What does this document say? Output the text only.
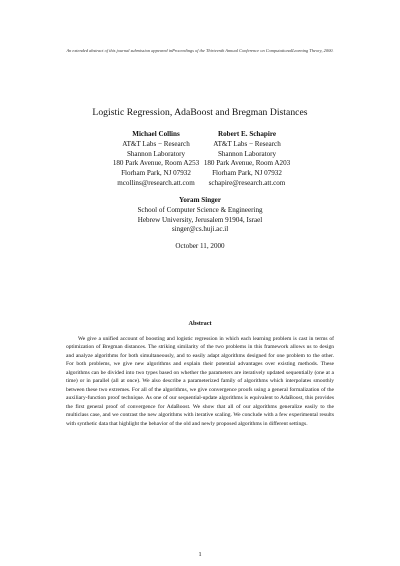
An extended abstract of this journal submission appeared inProceedings of the Thirteenth Annual Conference on ComputationalLearning Theory, 2000.
Logistic Regression, AdaBoost and Bregman Distances
Michael Collins
AT&T Labs − Research
Shannon Laboratory
180 Park Avenue, Room A253
Florham Park, NJ 07932
mcollins@research.att.com
Robert E. Schapire
AT&T Labs − Research
Shannon Laboratory
180 Park Avenue, Room A203
Florham Park, NJ 07932
schapire@research.att.com
Yoram Singer
School of Computer Science & Engineering
Hebrew University, Jerusalem 91904, Israel
singer@cs.huji.ac.il
October 11, 2000
Abstract

We give a unified account of boosting and logistic regression in which each learning problem is cast in terms of optimization of Bregman distances. The striking similarity of the two problems in this framework allows us to design and analyze algorithms for both simultaneously, and to easily adapt algorithms designed for one problem to the other. For both problems, we give new algorithms and explain their potential advantages over existing methods. These algorithms can be divided into two types based on whether the parameters are iteratively updated sequentially (one at a time) or in parallel (all at once). We also describe a parameterized family of algorithms which interpolates smoothly between these two extremes. For all of the algorithms, we give convergence proofs using a general formalization of the auxiliary-function proof technique. As one of our sequential-update algorithms is equivalent to AdaBoost, this provides the first general proof of convergence for AdaBoost. We show that all of our algorithms generalize easily to the multiclass case, and we contrast the new algorithms with iterative scaling. We conclude with a few experimental results with synthetic data that highlight the behavior of the old and newly proposed algorithms in different settings.

1
